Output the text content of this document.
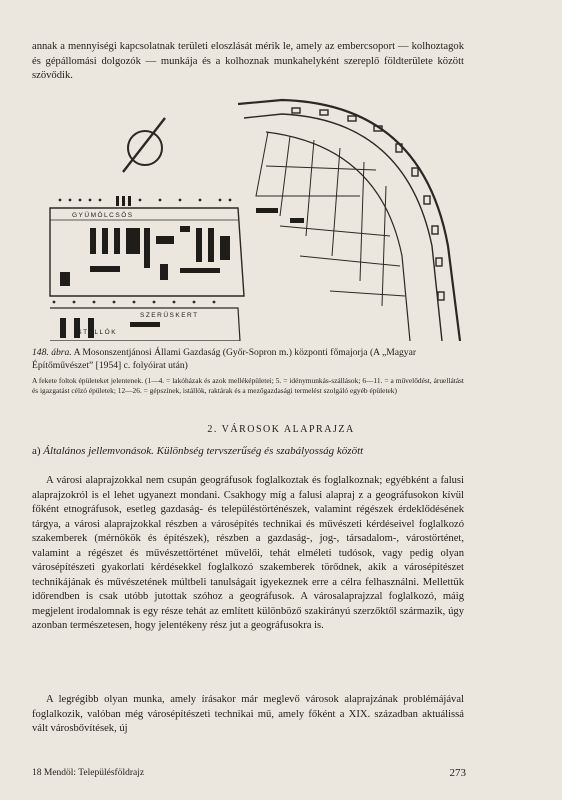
annak a mennyiségi kapcsolatnak területi eloszlását mérik le, amely az embercsoport — kolhoztagok és gépállomási dolgozók — munkája és a kolhoznak munkahelyként szereplő földterülete között szövődik.

GYÜMÖLCSÖS
SZERÜSKERT
ISTÁLLÓK

148. ábra. A Mosonszentjánosi Állami Gazdaság (Győr-Sopron m.) központi főmajorja (A „Magyar Építőművészet” [1954] c. folyóirat után)

A fekete foltok épületeket jelentenek. (1—4. = lakóházak és azok melléképületei; 5. = idénymunkás-szállások; 6—11. = a művelődést, áruellátást és igazgatást célzó épületek; 12—26. = gépszínek, istállók, raktárak és a mezőgazdasági termelést szolgáló egyéb épületek)

2. VÁROSOK ALAPRAJZA
a) Általános jellemvonások. Különbség tervszerűség és szabályosság között

A városi alaprajzokkal nem csupán geográfusok foglalkoztak és foglalkoznak; egyébként a falusi alaprajzokról is el lehet ugyanezt mondani. Csakhogy míg a falusi alapraj z a geográfusokon kívül főként etnográfusok, esetleg gazdaság- és településtörténészek, valamint régészek érdeklődésének tárgya, a városi alaprajzokkal részben a városépítés technikai és művészeti kérdéseivel foglalkozó szakemberek (mérnökök és építészek), részben a gazdaság-, jog-, társadalom-, várostörténet, valamint a régészet és művészettörténet művelői, tehát elméleti tudósok, vagy pedig olyan városépítészeti gyakorlati kérdésekkel foglalkozó szakemberek törődnek, akik a városépítészet technikájának és művészetének múltbeli tanulságait igyekeznek erre a célra felhasználni. Mellettük időrendben is csak utóbb jutottak szóhoz a geográfusok. A városalaprajzzal foglalkozó, máig megjelent irodalomnak is egy része tehát az említett különböző szakirányú szerzőktől származik, úgy azonban természetesen, hogy jelentékeny rész jut a geográfusokra is.

A legrégibb olyan munka, amely írásakor már meglevő városok alaprajzának problémájával foglalkozik, valóban még városépítészeti technikai mű, amely főként a XIX. században aktuálissá vált városbővítések, új

18 Mendöl: Településföldrajz	273
